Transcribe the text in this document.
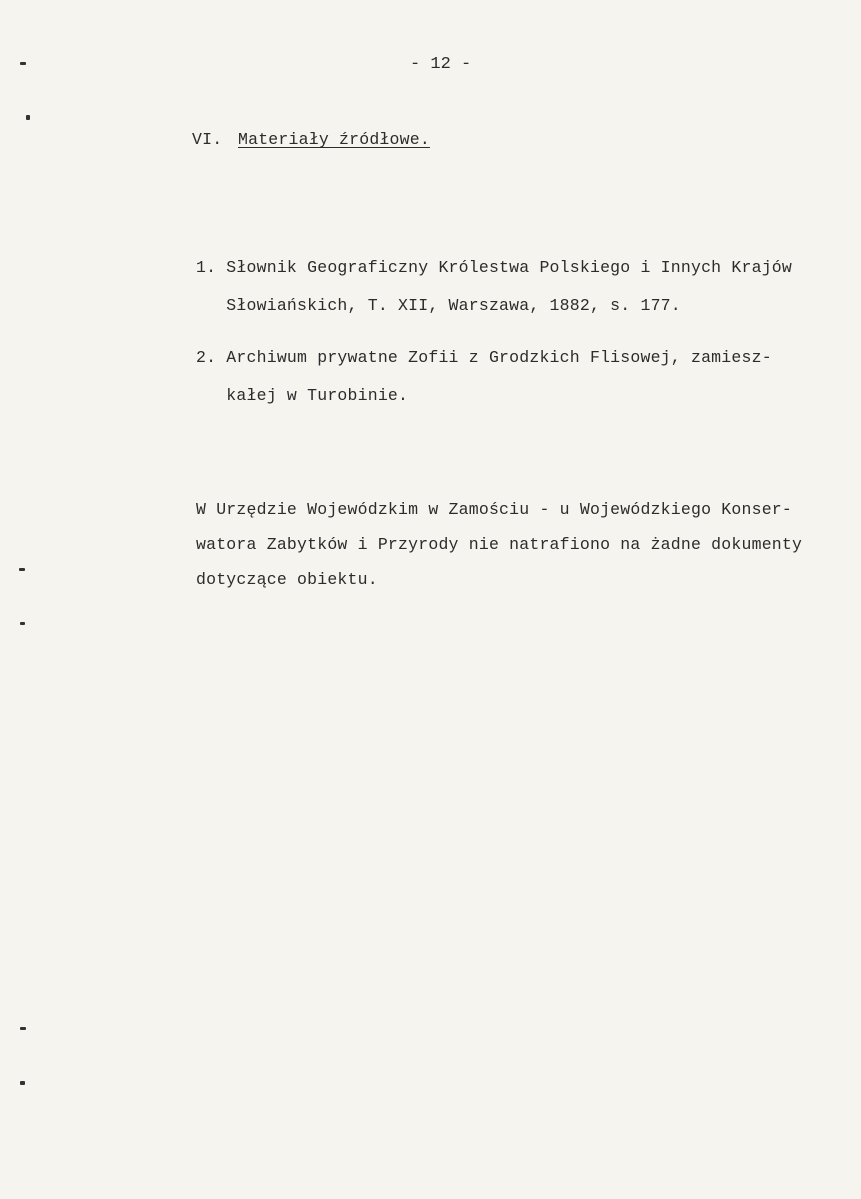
- 12 -
VI. Materiały źródłowe.
1. Słownik Geograficzny Królestwa Polskiego i Innych Krajów
Słowiańskich, T. XII, Warszawa, 1882, s. 177.
2. Archiwum prywatne Zofii z Grodzkich Flisowej, zamiesz-
kałej w Turobinie.
W Urzędzie Wojewódzkim w Zamościu - u Wojewódzkiego Konser-
watora Zabytków i Przyrody nie natrafiono na żadne dokumenty
dotyczące obiektu.
